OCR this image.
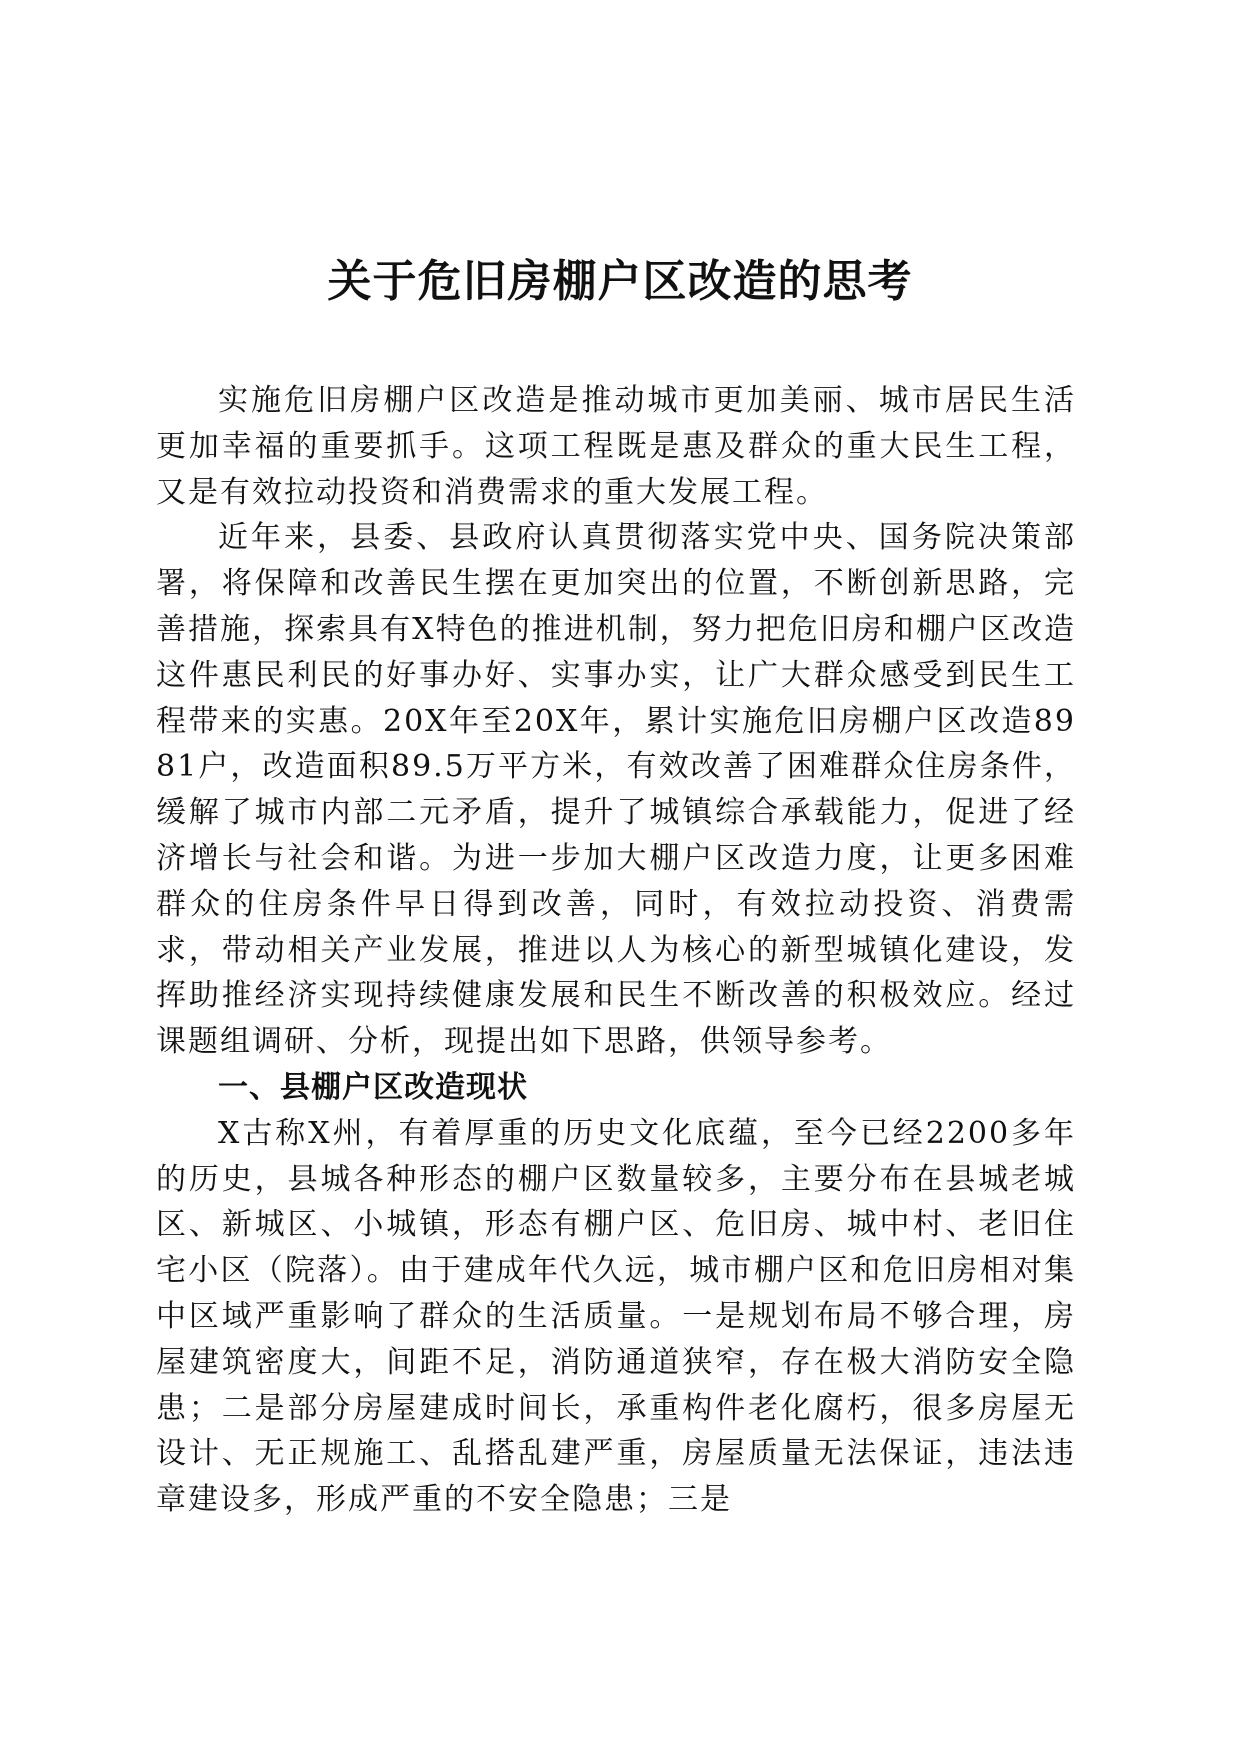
关于危旧房棚户区改造的思考

实施危旧房棚户区改造是推动城市更加美丽、城市居民生活更加幸福的重要抓手。这项工程既是惠及群众的重大民生工程，又是有效拉动投资和消费需求的重大发展工程。

近年来，县委、县政府认真贯彻落实党中央、国务院决策部署，将保障和改善民生摆在更加突出的位置，不断创新思路，完善措施，探索具有X特色的推进机制，努力把危旧房和棚户区改造这件惠民利民的好事办好、实事办实，让广大群众感受到民生工程带来的实惠。20X年至20X年，累计实施危旧房棚户区改造8981户，改造面积89.5万平方米，有效改善了困难群众住房条件，缓解了城市内部二元矛盾，提升了城镇综合承载能力，促进了经济增长与社会和谐。为进一步加大棚户区改造力度，让更多困难群众的住房条件早日得到改善，同时，有效拉动投资、消费需求，带动相关产业发展，推进以人为核心的新型城镇化建设，发挥助推经济实现持续健康发展和民生不断改善的积极效应。经过课题组调研、分析，现提出如下思路，供领导参考。

一、县棚户区改造现状

X古称X州，有着厚重的历史文化底蕴，至今已经2200多年的历史，县城各种形态的棚户区数量较多，主要分布在县城老城区、新城区、小城镇，形态有棚户区、危旧房、城中村、老旧住宅小区（院落）。由于建成年代久远，城市棚户区和危旧房相对集中区域严重影响了群众的生活质量。一是规划布局不够合理，房屋建筑密度大，间距不足，消防通道狭窄，存在极大消防安全隐患；二是部分房屋建成时间长，承重构件老化腐朽，很多房屋无设计、无正规施工、乱搭乱建严重，房屋质量无法保证，违法违章建设多，形成严重的不安全隐患；三是
